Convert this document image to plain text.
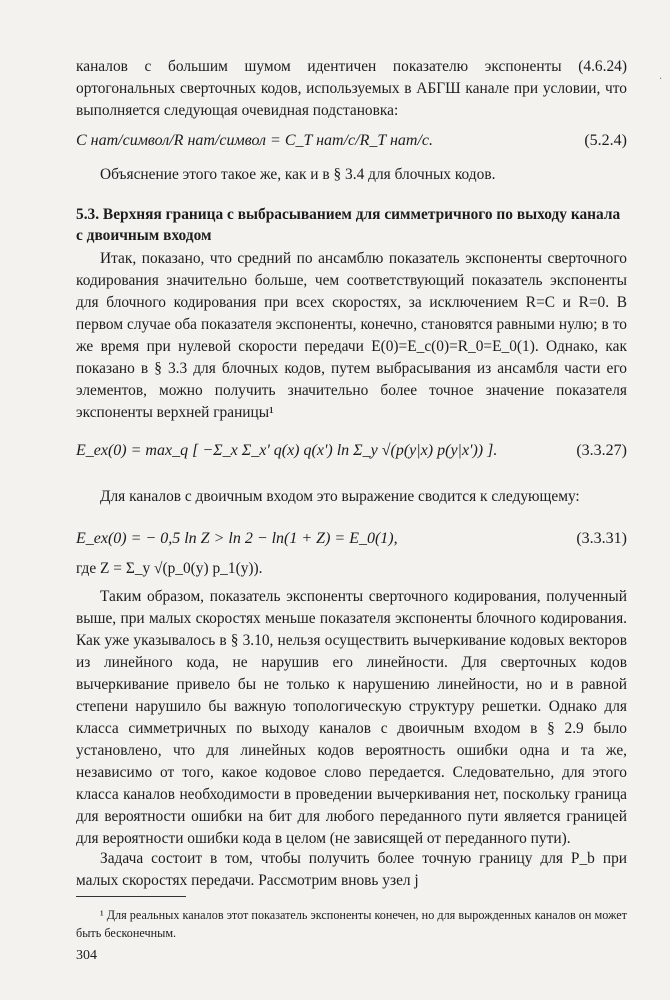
·

каналов с большим шумом идентичен показателю экспоненты (4.6.24) ортогональных сверточных кодов, используемых в АБГШ канале при условии, что выполняется следующая очевидная подстановка:

C нат/символ/R нат/символ = C_T нат/c/R_T нат/c.	(5.2.4)

Объяснение этого такое же, как и в § 3.4 для блочных кодов.

5.3. Верхняя граница с выбрасыванием для симметричного по выходу канала с двоичным входом

Итак, показано, что средний по ансамблю показатель экспоненты сверточного кодирования значительно больше, чем соответствующий показатель экспоненты для блочного кодирования при всех скоростях, за исключением R=C и R=0. В первом случае оба показателя экспоненты, конечно, становятся равными нулю; в то же время при нулевой скорости передачи E(0)=E_c(0)=R_0=E_0(1). Однако, как показано в § 3.3 для блочных кодов, путем выбрасывания из ансамбля части его элементов, можно получить значительно более точное значение показателя экспоненты верхней границы¹

E_ex(0) = max_q [ −Σ_x Σ_x' q(x) q(x') ln Σ_y √(p(y|x) p(y|x')) ].	(3.3.27)

Для каналов с двоичным входом это выражение сводится к следующему:

E_ex(0) = − 0,5 ln Z > ln 2 − ln(1 + Z) = E_0(1),	(3.3.31)

где Z = Σ_y √(p_0(y) p_1(y)).

Таким образом, показатель экспоненты сверточного кодирования, полученный выше, при малых скоростях меньше показателя экспоненты блочного кодирования. Как уже указывалось в § 3.10, нельзя осуществить вычеркивание кодовых векторов из линейного кода, не нарушив его линейности. Для сверточных кодов вычеркивание привело бы не только к нарушению линейности, но и в равной степени нарушило бы важную топологическую структуру решетки. Однако для класса симметричных по выходу каналов с двоичным входом в § 2.9 было установлено, что для линейных кодов вероятность ошибки одна и та же, независимо от того, какое кодовое слово передается. Следовательно, для этого класса каналов необходимости в проведении вычеркивания нет, поскольку граница для вероятности ошибки на бит для любого переданного пути является границей для вероятности ошибки кода в целом (не зависящей от переданного пути).

Задача состоит в том, чтобы получить более точную границу для P_b при малых скоростях передачи. Рассмотрим вновь узел j

¹ Для реальных каналов этот показатель экспоненты конечен, но для вырожденных каналов он может быть бесконечным.

304
